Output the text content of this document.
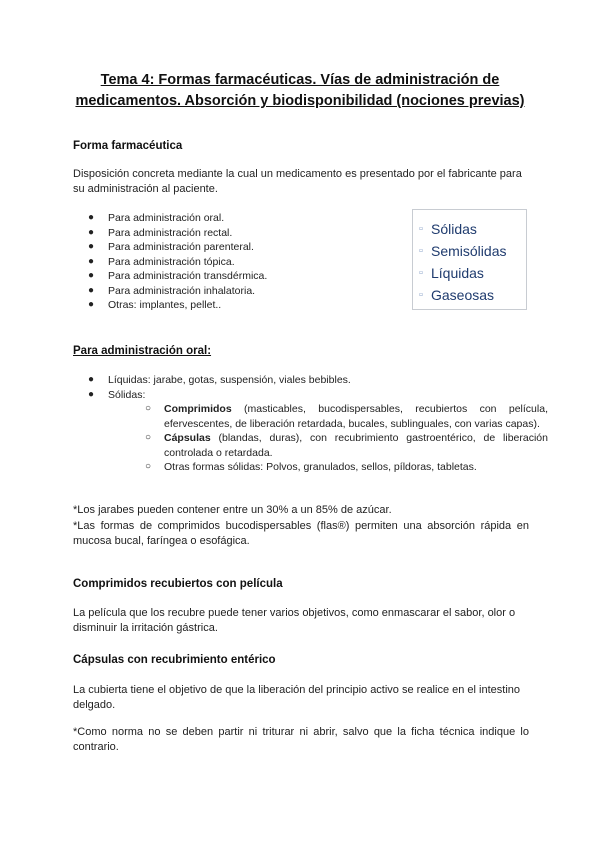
Tema 4: Formas farmacéuticas. Vías de administración de medicamentos. Absorción y biodisponibilidad (nociones previas)
Forma farmacéutica
Disposición concreta mediante la cual un medicamento es presentado por el fabricante para su administración al paciente.
● Para administración oral.
● Para administración rectal.
● Para administración parenteral.
● Para administración tópica.
● Para administración transdérmica.
● Para administración inhalatoria.
● Otras: implantes, pellet..
▫ Sólidas
▫ Semisólidas
▫ Líquidas
▫ Gaseosas
Para administración oral:
● Líquidas: jarabe, gotas, suspensión, viales bebibles.
● Sólidas:
○ Comprimidos (masticables, bucodispersables, recubiertos con película, efervescentes, de liberación retardada, bucales, sublinguales, con varias capas).
○ Cápsulas (blandas, duras), con recubrimiento gastroentérico, de liberación controlada o retardada.
○ Otras formas sólidas: Polvos, granulados, sellos, píldoras, tabletas.
*Los jarabes pueden contener entre un 30% a un 85% de azúcar.
*Las formas de comprimidos bucodispersables (flas®) permiten una absorción rápida en mucosa bucal, faríngea o esofágica.
Comprimidos recubiertos con película
La película que los recubre puede tener varios objetivos, como enmascarar el sabor, olor o disminuir la irritación gástrica.
Cápsulas con recubrimiento entérico
La cubierta tiene el objetivo de que la liberación del principio activo se realice en el intestino delgado.
*Como norma no se deben partir ni triturar ni abrir, salvo que la ficha técnica indique lo contrario.
